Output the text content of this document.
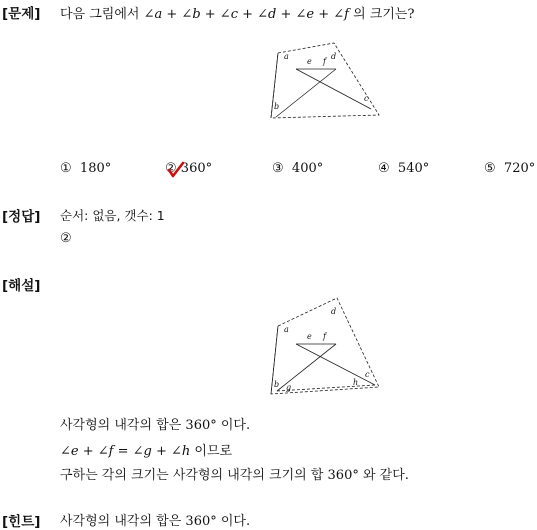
[문제] 다음 그림에서 ∠a + ∠b + ∠c + ∠d + ∠e + ∠f 의 크기는?
a
b
c
d
e f
① 180°	② 360°	③ 400°	④ 540°	⑤ 720°
[정답] 순서: 없음, 갯수: 1
②
[해설]
a
b
c
d
e f
g
h
사각형의 내각의 합은 360° 이다.
∠e + ∠f = ∠g + ∠h 이므로
구하는 각의 크기는 사각형의 내각의 크기의 합 360° 와 같다.
[힌트] 사각형의 내각의 합은 360° 이다.
